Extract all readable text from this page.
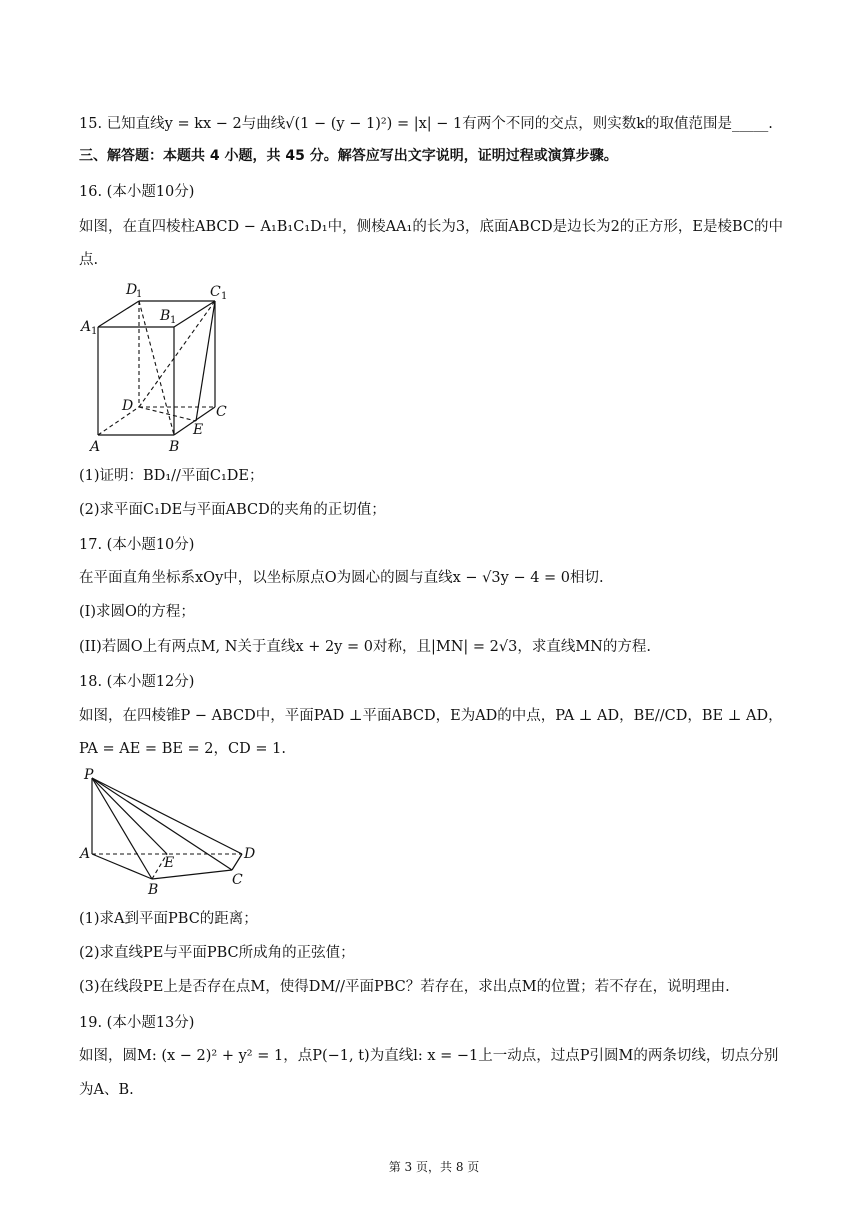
15. 已知直线y = kx − 2与曲线√(1 − (y − 1)²) = |x| − 1有两个不同的交点，则实数k的取值范围是_____.
三、解答题：本题共 4 小题，共 45 分。解答应写出文字说明，证明过程或演算步骤。
16. (本小题10分)
如图，在直四棱柱ABCD − A₁B₁C₁D₁中，侧棱AA₁的长为3，底面ABCD是边长为2的正方形，E是棱BC的中
点.
D
1
B 1
C 1
A 1
D	C
E
A	B
(1)证明：BD₁//平面C₁DE；
(2)求平面C₁DE与平面ABCD的夹角的正切值；
17. (本小题10分)
在平面直角坐标系xOy中，以坐标原点O为圆心的圆与直线x − √3y − 4 = 0相切.
(I)求圆O的方程；
(II)若圆O上有两点M, N关于直线x + 2y = 0对称，且|MN| = 2√3，求直线MN的方程.
18. (本小题12分)
如图，在四棱锥P − ABCD中，平面PAD ⊥平面ABCD，E为AD的中点，PA ⊥ AD，BE//CD，BE ⊥ AD，
PA = AE = BE = 2，CD = 1.
P
A
E
D
B
C
(1)求A到平面PBC的距离；
(2)求直线PE与平面PBC所成角的正弦值；
(3)在线段PE上是否存在点M，使得DM//平面PBC？若存在，求出点M的位置；若不存在，说明理由.
19. (本小题13分)
如图，圆M: (x − 2)² + y² = 1，点P(−1, t)为直线l: x = −1上一动点，过点P引圆M的两条切线，切点分别
为A、B.
第 3 页，共 8 页
